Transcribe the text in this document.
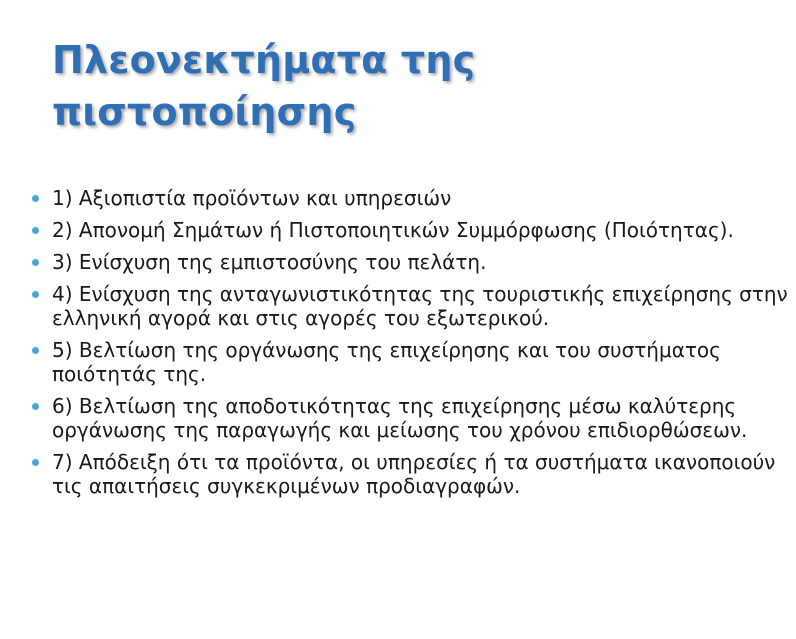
Πλεονεκτήματα της
πιστοποίησης
1) Αξιοπιστία προϊόντων και υπηρεσιών
2) Απονομή Σημάτων ή Πιστοποιητικών Συμμόρφωσης (Ποιότητας).
3) Ενίσχυση της εμπιστοσύνης του πελάτη.
4) Ενίσχυση της ανταγωνιστικότητας της τουριστικής επιχείρησης στην ελληνική αγορά και στις αγορές του εξωτερικού.
5) Βελτίωση της οργάνωσης της επιχείρησης και του συστήματος ποιότητάς της.
6) Βελτίωση της αποδοτικότητας της επιχείρησης μέσω καλύτερης οργάνωσης της παραγωγής και μείωσης του χρόνου επιδιορθώσεων.
7) Απόδειξη ότι τα προϊόντα, οι υπηρεσίες ή τα συστήματα ικανοποιούν τις απαιτήσεις συγκεκριμένων προδιαγραφών.
